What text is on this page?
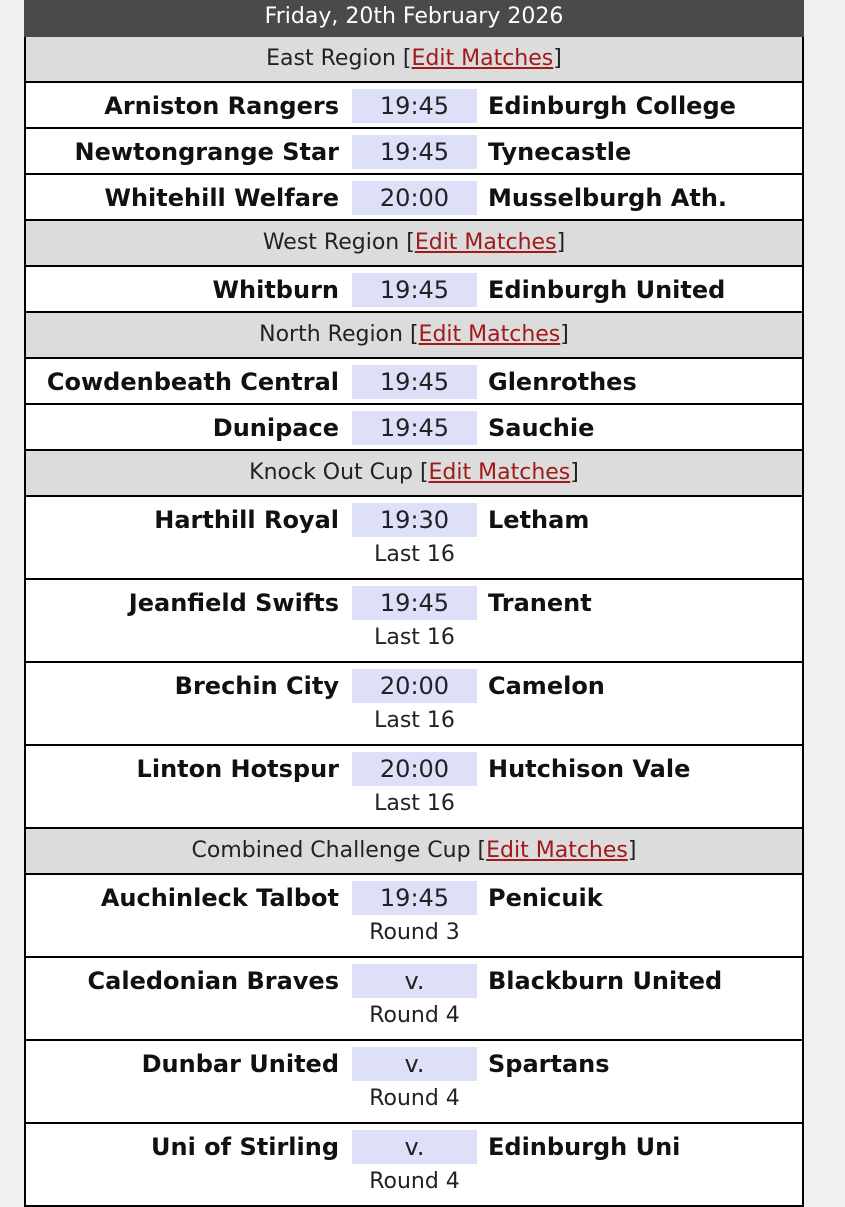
Friday, 20th February 2026
East Region [Edit Matches]
Arniston Rangers	19:45	Edinburgh College
Newtongrange Star	19:45	Tynecastle
Whitehill Welfare	20:00	Musselburgh Ath.
West Region [Edit Matches]
Whitburn	19:45	Edinburgh United
North Region [Edit Matches]
Cowdenbeath Central	19:45	Glenrothes
Dunipace	19:45	Sauchie
Knock Out Cup [Edit Matches]
Harthill Royal	19:30	Letham
Last 16
Jeanfield Swifts	19:45	Tranent
Last 16
Brechin City	20:00	Camelon
Last 16
Linton Hotspur	20:00	Hutchison Vale
Last 16
Combined Challenge Cup [Edit Matches]
Auchinleck Talbot	19:45	Penicuik
Round 3
Caledonian Braves	v.	Blackburn United
Round 4
Dunbar United	v.	Spartans
Round 4
Uni of Stirling	v.	Edinburgh Uni
Round 4
